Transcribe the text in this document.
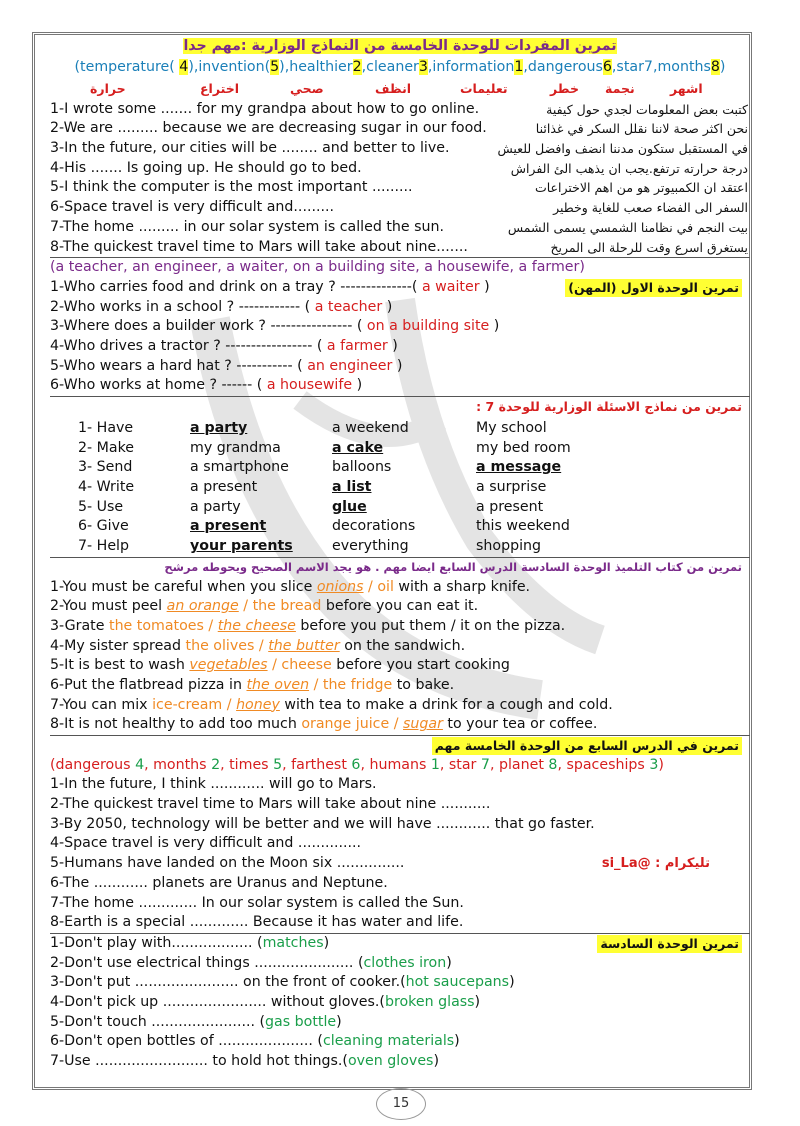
تمرين المفردات للوحدة الخامسة من النماذج الوزارية :مهم جدا
(temperature( 4),invention(5),healthier2,cleaner3,information1,dangerous6,star7,months8)
حرارة	اختراع	صحي	انظف	تعليمات	خطر نجمة	اشهر
1-I wrote some ....... for my grandpa about how to go online.	كتبت بعض المعلومات لجدي حول كيفية
2-We are ......... because we are decreasing sugar in our food.	نحن اكثر صحة لاننا نقلل السكر في غذائنا
3-In the future, our cities will be ........ and better to live.	في المستقبل ستكون مدننا انضف وافضل للعيش
4-His ....... Is going up. He should go to bed.	درجة حرارته ترتفع.يجب ان يذهب الئ الفراش
5-I think the computer is the most important .........	اعتقد ان الكمبيوتر هو من اهم الاختراعات
6-Space travel is very difficult and.........	السفر الى الفضاء صعب للغاية وخطير
7-The home ......... in our solar system is called the sun.	بيت النجم في نظامنا الشمسي يسمى الشمس
8-The quickest travel time to Mars will take about nine.......	يستغرق اسرع وقت للرحلة الى المريخ
(a teacher, an engineer, a waiter, on a building site, a housewife, a farmer)
1-Who carries food and drink on a tray ? --------------( a waiter )	تمرين الوحدة الاول (المهن)
2-Who works in a school ? ------------ ( a teacher )
3-Where does a builder work ? ---------------- ( on a building site )
4-Who drives a tractor ? ----------------- ( a farmer )
5-Who wears a hard hat ? ----------- ( an engineer )
6-Who works at home ? ------ ( a housewife )
تمرين من نماذج الاسئلة الوزارية للوحدة 7 :
1- Have	a party	a weekend	My school
2- Make	my grandma	a cake	my bed room
3- Send	a smartphone	balloons	a message
4- Write	a present	a list	a surprise
5- Use	a party	glue	a present
6- Give	a present	decorations	this weekend
7- Help	your parents	everything	shopping
تمرين من كتاب التلميذ الوحدة السادسة الدرس السابع ايضا مهم . هو يجد الاسم الصحيح ويحوطه مرشح
1-You must be careful when you slice onions / oil with a sharp knife.
2-You must peel an orange / the bread before you can eat it.
3-Grate the tomatoes / the cheese before you put them / it on the pizza.
4-My sister spread the olives / the butter on the sandwich.
5-It is best to wash vegetables / cheese before you start cooking
6-Put the flatbread pizza in the oven / the fridge to bake.
7-You can mix ice-cream / honey with tea to make a drink for a cough and cold.
8-It is not healthy to add too much orange juice / sugar to your tea or coffee.
تمرين في الدرس السابع من الوحدة الخامسة مهم
(dangerous 4, months 2, times 5, farthest 6, humans 1, star 7, planet 8, spaceships 3)
1-In the future, I think ............ will go to Mars.
2-The quickest travel time to Mars will take about nine ...........
3-By 2050, technology will be better and we will have ............ that go faster.
4-Space travel is very difficult and ..............
5-Humans have landed on the Moon six ...............	تليكرام : @si_La
6-The ............ planets are Uranus and Neptune.
7-The home ............. In our solar system is called the Sun.
8-Earth is a special ............. Because it has water and life.
1-Don't play with.................. (matches)	تمرين الوحدة السادسة
2-Don't use electrical things ...................... (clothes iron)
3-Don't put ....................... on the front of cooker.(hot saucepans)
4-Don't pick up ....................... without gloves.(broken glass)
5-Don't touch ....................... (gas bottle)
6-Don't open bottles of ..................... (cleaning materials)
7-Use ......................... to hold hot things.(oven gloves)
15
